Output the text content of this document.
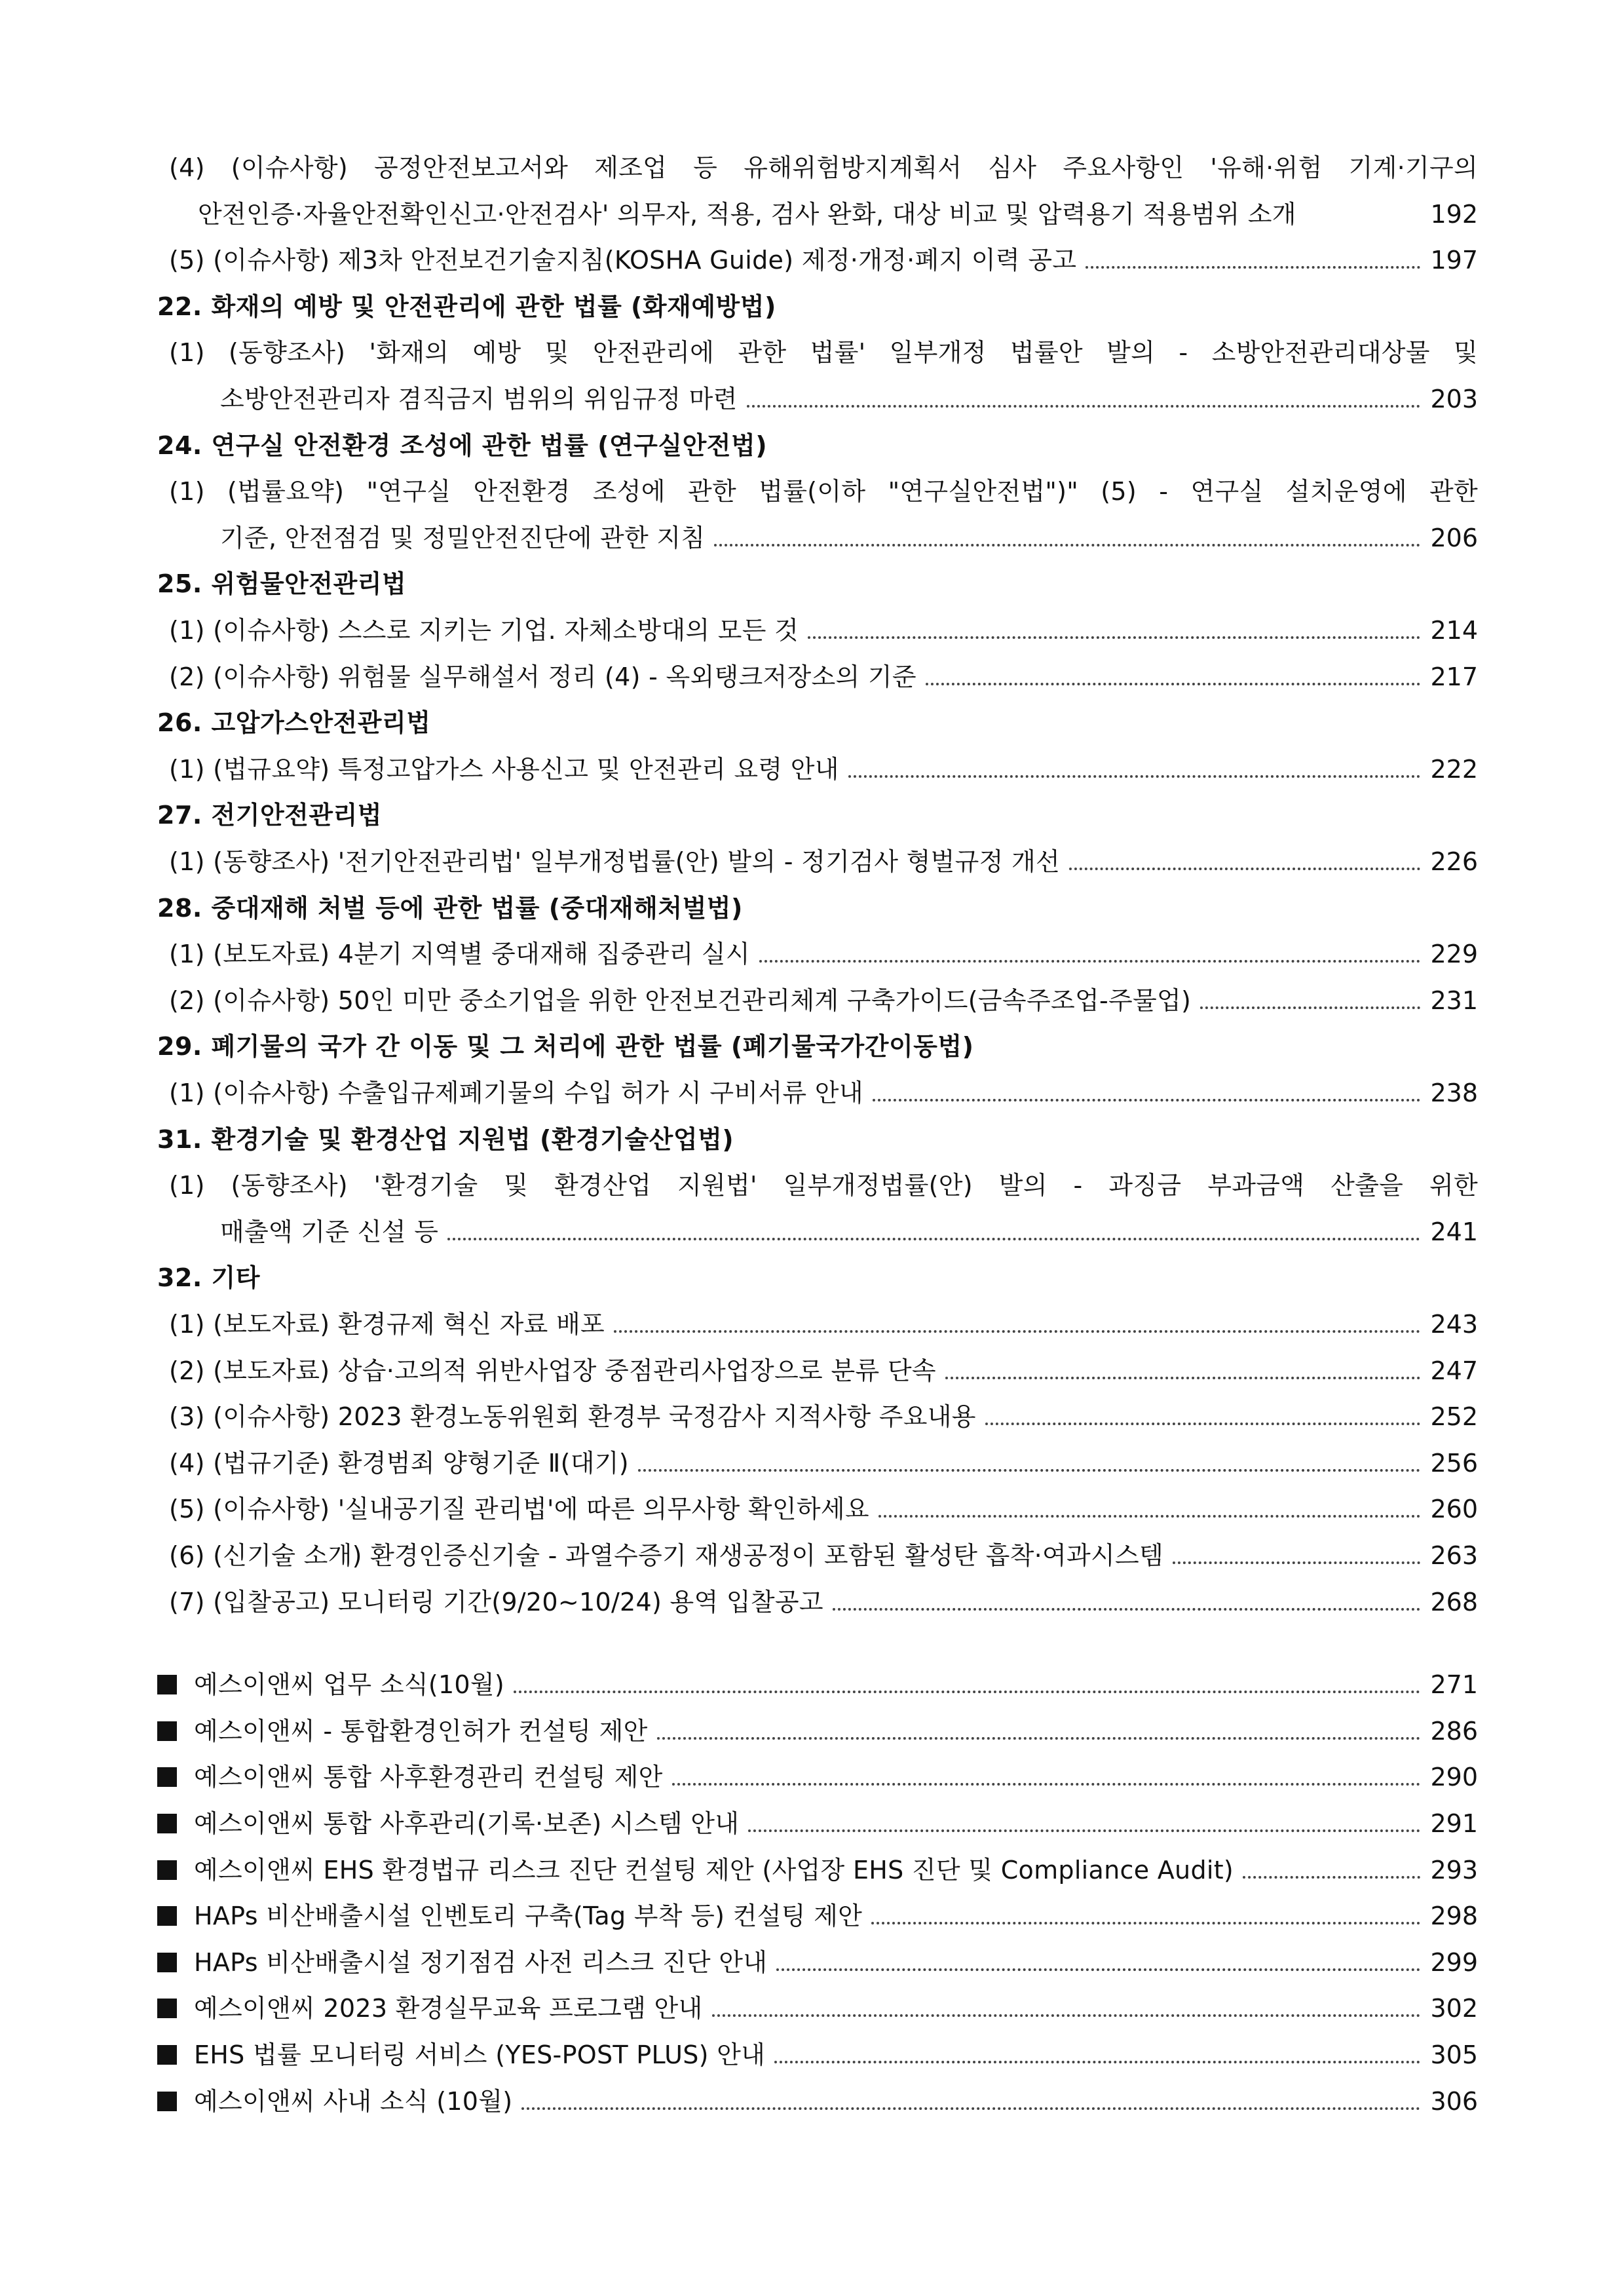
(4) (이슈사항) 공정안전보고서와 제조업 등 유해위험방지계획서 심사 주요사항인 '유해·위험 기계·기구의
안전인증·자율안전확인신고·안전검사' 의무자, 적용, 검사 완화, 대상 비교 및 압력용기 적용범위 소개	192
(5) (이슈사항) 제3차 안전보건기술지침(KOSHA Guide) 제정·개정·폐지 이력 공고	197
22. 화재의 예방 및 안전관리에 관한 법률 (화재예방법)
(1) (동향조사) '화재의 예방 및 안전관리에 관한 법률' 일부개정 법률안 발의 - 소방안전관리대상물 및
소방안전관리자 겸직금지 범위의 위임규정 마련	203
24. 연구실 안전환경 조성에 관한 법률 (연구실안전법)
(1) (법률요약) "연구실 안전환경 조성에 관한 법률(이하 "연구실안전법")" (5) - 연구실 설치운영에 관한
기준, 안전점검 및 정밀안전진단에 관한 지침	206
25. 위험물안전관리법
(1) (이슈사항) 스스로 지키는 기업. 자체소방대의 모든 것	214
(2) (이슈사항) 위험물 실무해설서 정리 (4) - 옥외탱크저장소의 기준	217
26. 고압가스안전관리법
(1) (법규요약) 특정고압가스 사용신고 및 안전관리 요령 안내	222
27. 전기안전관리법
(1) (동향조사) '전기안전관리법' 일부개정법률(안) 발의 - 정기검사 형벌규정 개선	226
28. 중대재해 처벌 등에 관한 법률 (중대재해처벌법)
(1) (보도자료) 4분기 지역별 중대재해 집중관리 실시	229
(2) (이슈사항) 50인 미만 중소기업을 위한 안전보건관리체계 구축가이드(금속주조업-주물업)	231
29. 폐기물의 국가 간 이동 및 그 처리에 관한 법률 (폐기물국가간이동법)
(1) (이슈사항) 수출입규제폐기물의 수입 허가 시 구비서류 안내	238
31. 환경기술 및 환경산업 지원법 (환경기술산업법)
(1) (동향조사) '환경기술 및 환경산업 지원법' 일부개정법률(안) 발의 - 과징금 부과금액 산출을 위한
매출액 기준 신설 등	241
32. 기타
(1) (보도자료) 환경규제 혁신 자료 배포	243
(2) (보도자료) 상습·고의적 위반사업장 중점관리사업장으로 분류 단속	247
(3) (이슈사항) 2023 환경노동위원회 환경부 국정감사 지적사항 주요내용	252
(4) (법규기준) 환경범죄 양형기준 Ⅱ(대기)	256
(5) (이슈사항) '실내공기질 관리법'에 따른 의무사항 확인하세요	260
(6) (신기술 소개) 환경인증신기술 - 과열수증기 재생공정이 포함된 활성탄 흡착·여과시스템	263
(7) (입찰공고) 모니터링 기간(9/20~10/24) 용역 입찰공고	268
예스이앤씨 업무 소식(10월)	271
예스이앤씨 - 통합환경인허가 컨설팅 제안	286
예스이앤씨 통합 사후환경관리 컨설팅 제안	290
예스이앤씨 통합 사후관리(기록·보존) 시스템 안내	291
예스이앤씨 EHS 환경법규 리스크 진단 컨설팅 제안 (사업장 EHS 진단 및 Compliance Audit)	293
HAPs 비산배출시설 인벤토리 구축(Tag 부착 등) 컨설팅 제안	298
HAPs 비산배출시설 정기점검 사전 리스크 진단 안내	299
예스이앤씨 2023 환경실무교육 프로그램 안내	302
EHS 법률 모니터링 서비스 (YES-POST PLUS) 안내	305
예스이앤씨 사내 소식 (10월)	306
